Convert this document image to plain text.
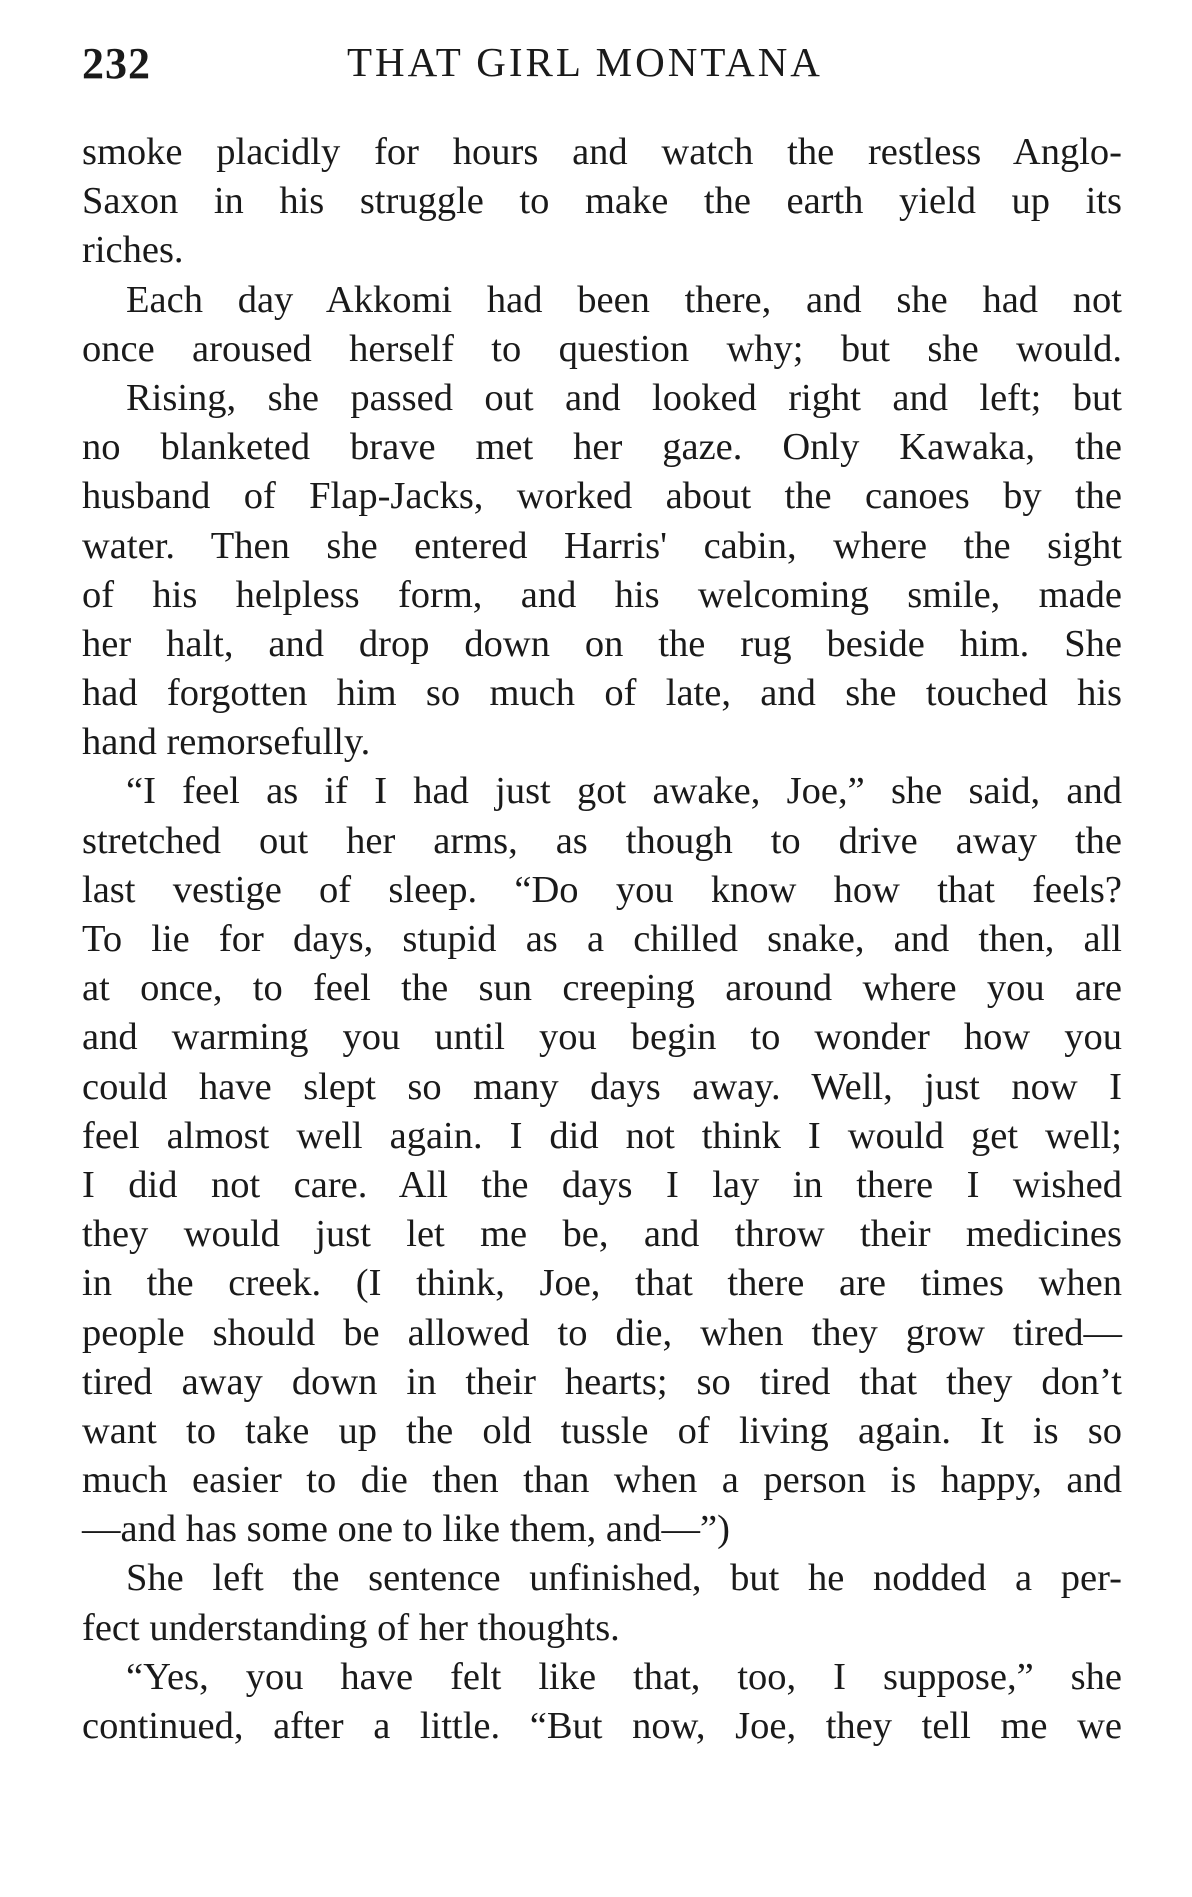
232	THAT GIRL MONTANA
smoke placidly for hours and watch the restless Anglo-
Saxon in his struggle to make the earth yield up its
riches.
Each day Akkomi had been there, and she had not
once aroused herself to question why; but she would.
Rising, she passed out and looked right and left; but
no blanketed brave met her gaze. Only Kawaka, the
husband of Flap-Jacks, worked about the canoes by the
water. Then she entered Harris' cabin, where the sight
of his helpless form, and his welcoming smile, made
her halt, and drop down on the rug beside him. She
had forgotten him so much of late, and she touched his
hand remorsefully.
“I feel as if I had just got awake, Joe,” she said, and
stretched out her arms, as though to drive away the
last vestige of sleep. “Do you know how that feels?
To lie for days, stupid as a chilled snake, and then, all
at once, to feel the sun creeping around where you are
and warming you until you begin to wonder how you
could have slept so many days away. Well, just now I
feel almost well again. I did not think I would get well;
I did not care. All the days I lay in there I wished
they would just let me be, and throw their medicines
in the creek. (I think, Joe, that there are times when
people should be allowed to die, when they grow tired—
tired away down in their hearts; so tired that they don’t
want to take up the old tussle of living again. It is so
much easier to die then than when a person is happy, and
—and has some one to like them, and—”)
She left the sentence unfinished, but he nodded a per-
fect understanding of her thoughts.
“Yes, you have felt like that, too, I suppose,” she
continued, after a little. “But now, Joe, they tell me we
